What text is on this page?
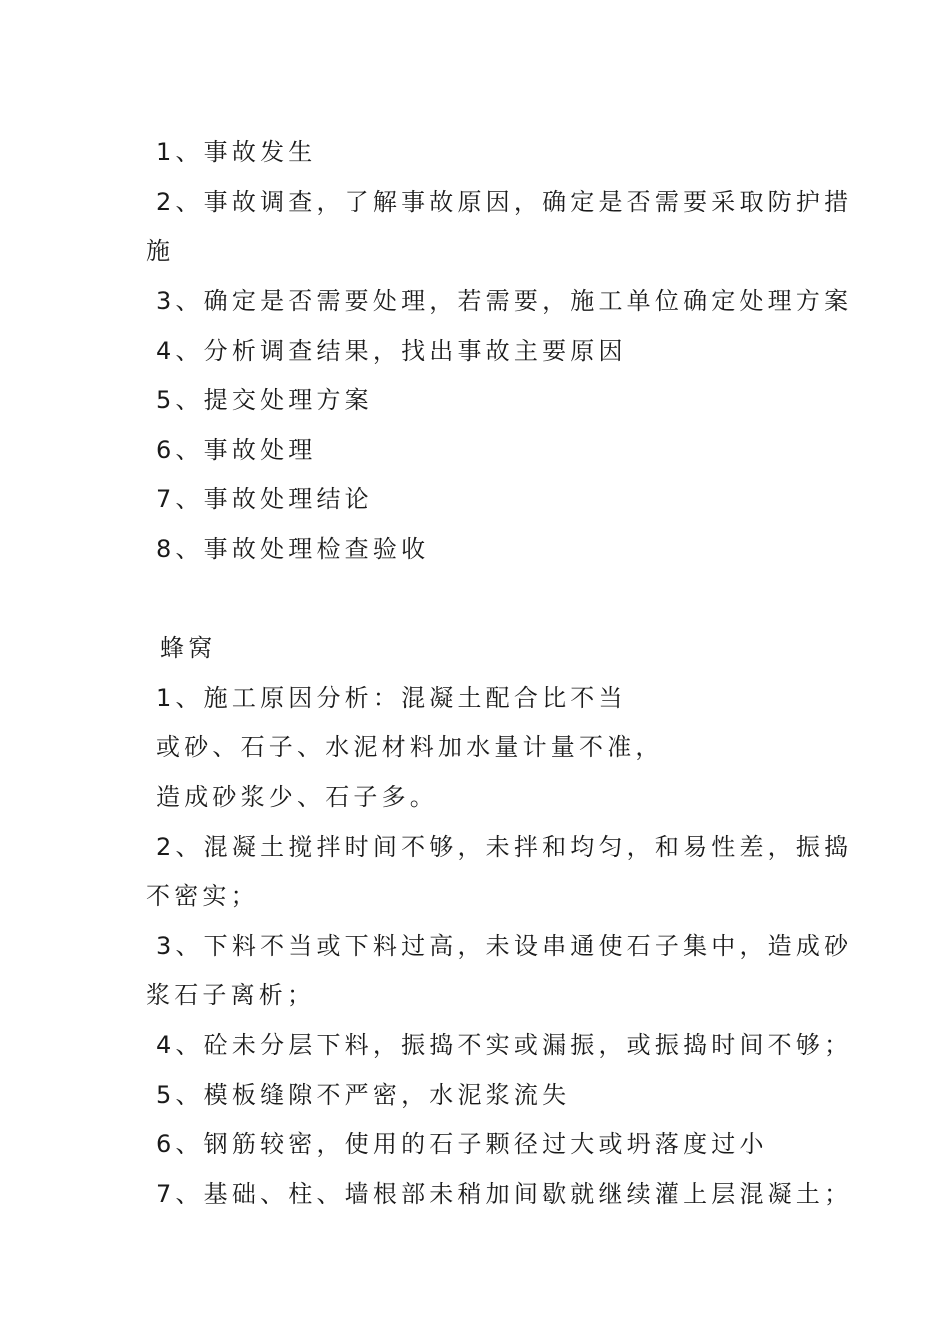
1、事故发生
2、事故调查，了解事故原因，确定是否需要采取防护措
施
3、确定是否需要处理，若需要，施工单位确定处理方案
4、分析调查结果，找出事故主要原因
5、提交处理方案
6、事故处理
7、事故处理结论
8、事故处理检查验收
蜂窝
1、施工原因分析：混凝土配合比不当
或砂、石子、水泥材料加水量计量不准，
造成砂浆少、石子多。
2、混凝土搅拌时间不够，未拌和均匀，和易性差，振捣
不密实；
3、下料不当或下料过高，未设串通使石子集中，造成砂
浆石子离析；
4、砼未分层下料，振捣不实或漏振，或振捣时间不够；
5、模板缝隙不严密，水泥浆流失
6、钢筋较密，使用的石子颗径过大或坍落度过小
7、基础、柱、墙根部未稍加间歇就继续灌上层混凝土；
